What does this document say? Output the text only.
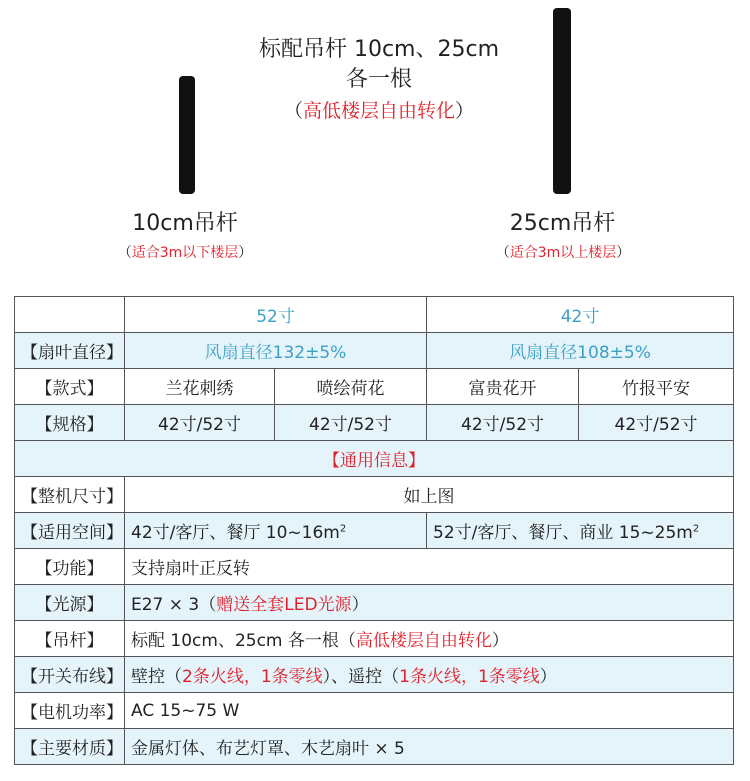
标配吊杆 10cm、25cm
各一根
（高低楼层自由转化）
10cm吊杆
（适合3m以下楼层）
25cm吊杆
（适合3m以上楼层）
	52寸		42寸	
【扇叶直径】	风扇直径132±5%		风扇直径108±5%	
【款式】	兰花刺绣	喷绘荷花	富贵花开	竹报平安
【规格】	42寸/52寸	42寸/52寸	42寸/52寸	42寸/52寸
【通用信息】				
【整机尺寸】	如上图			
【适用空间】	42寸/客厅、餐厅 $10\sim 16m^2$		52寸/客厅、餐厅、商业 $15\sim 25m^2$
【功能】	支持扇叶正反转			
【光源】	E27 × 3（赠送全套LED光源）			
【吊杆】	标配 10cm、25cm 各一根（高低楼层自由转化）			
【开关布线】	壁控（2条火线，1条零线）、遥控（1条火线，1条零线）			
【电机功率】	AC 15~75 W			
【主要材质】	金属灯体、布艺灯罩、木艺扇叶 × 5			
